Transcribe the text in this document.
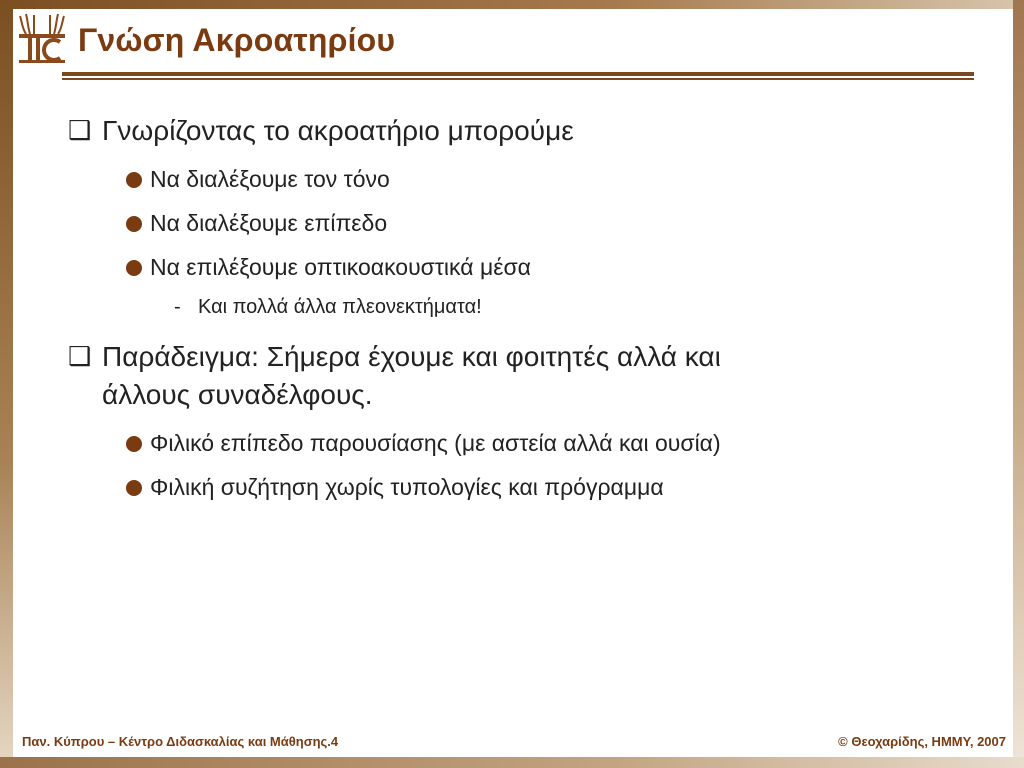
Γνώση Ακροατηρίου
❑ Γνωρίζοντας το ακροατήριο μπορούμε
Να διαλέξουμε τον τόνο
Να διαλέξουμε επίπεδο
Να επιλέξουμε οπτικοακουστικά μέσα
- Και πολλά άλλα πλεονεκτήματα!
❑ Παράδειγμα: Σήμερα έχουμε και φοιτητές αλλά και
άλλους συναδέλφους.
Φιλικό επίπεδο παρουσίασης (με αστεία αλλά και ουσία)
Φιλική συζήτηση χωρίς τυπολογίες και πρόγραμμα
Παν. Κύπρου – Κέντρο Διδασκαλίας και Μάθησης.4	© Θεοχαρίδης, ΗΜΜΥ, 2007
